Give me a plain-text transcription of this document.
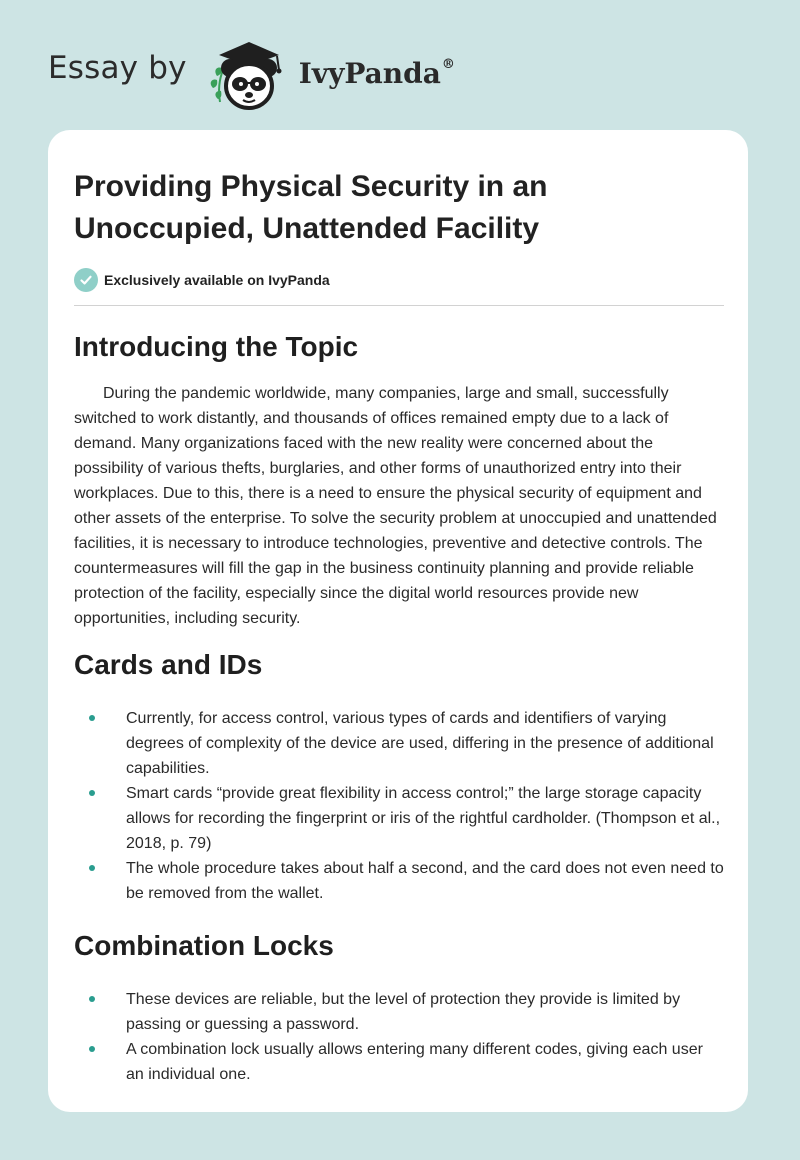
Essay by	IvyPanda®
Providing Physical Security in an Unoccupied, Unattended Facility
Exclusively available on IvyPanda
Introducing the Topic

During the pandemic worldwide, many companies, large and small, successfully switched to work distantly, and thousands of offices remained empty due to a lack of demand. Many organizations faced with the new reality were concerned about the possibility of various thefts, burglaries, and other forms of unauthorized entry into their workplaces. Due to this, there is a need to ensure the physical security of equipment and other assets of the enterprise. To solve the security problem at unoccupied and unattended facilities, it is necessary to introduce technologies, preventive and detective controls. The countermeasures will fill the gap in the business continuity planning and provide reliable protection of the facility, especially since the digital world resources provide new opportunities, including security.

Cards and IDs
Currently, for access control, various types of cards and identifiers of varying degrees of complexity of the device are used, differing in the presence of additional capabilities.
Smart cards “provide great flexibility in access control;” the large storage capacity allows for recording the fingerprint or iris of the rightful cardholder. (Thompson et al., 2018, p. 79)
The whole procedure takes about half a second, and the card does not even need to be removed from the wallet.
Combination Locks
These devices are reliable, but the level of protection they provide is limited by passing or guessing a password.
A combination lock usually allows entering many different codes, giving each user an individual one.
